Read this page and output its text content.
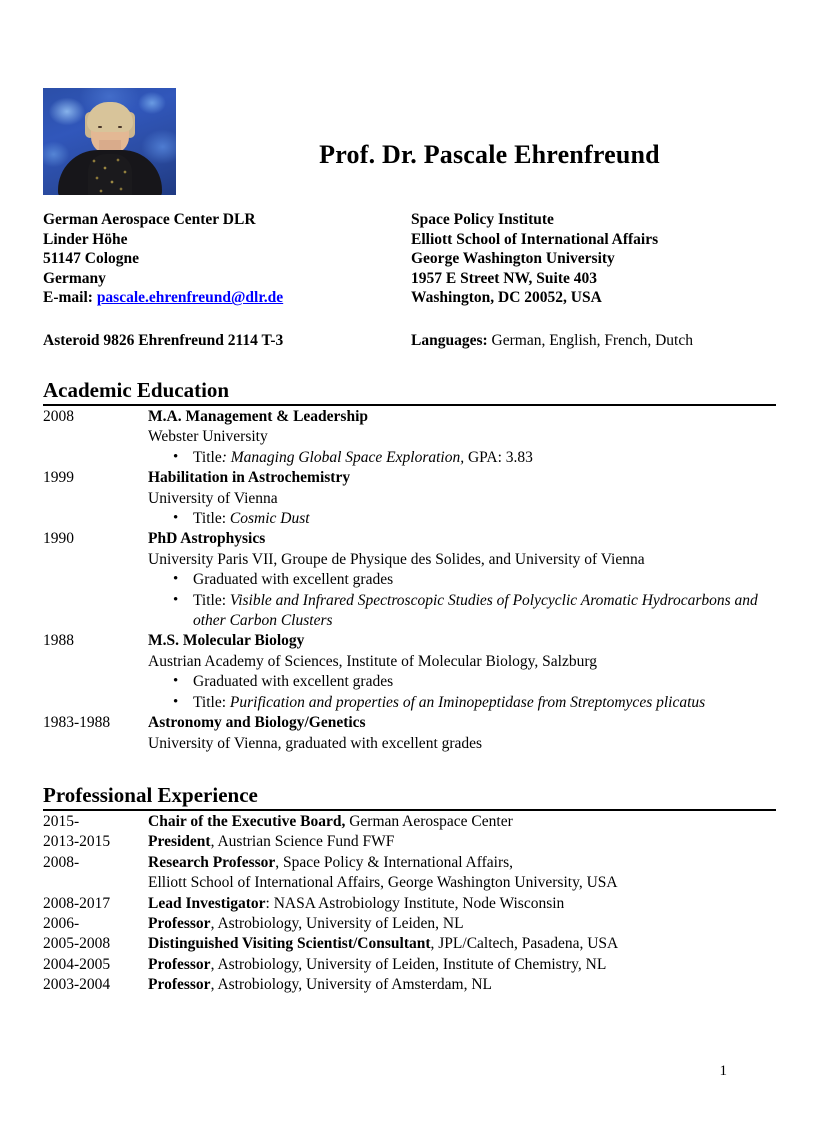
Prof. Dr. Pascale Ehrenfreund
German Aerospace Center DLR
Linder Höhe
51147 Cologne
Germany
E-mail: pascale.ehrenfreund@dlr.de
Space Policy Institute
Elliott School of International Affairs
George Washington University
1957 E Street NW, Suite 403
Washington, DC 20052, USA
Asteroid 9826 Ehrenfreund 2114 T-3	Languages: German, English, French, Dutch
Academic Education
2008	M.A. Management & Leadership
Webster University
• Title: Managing Global Space Exploration, GPA: 3.83
1999	Habilitation in Astrochemistry
University of Vienna
• Title: Cosmic Dust
1990	PhD Astrophysics
University Paris VII, Groupe de Physique des Solides, and University of Vienna
• Graduated with excellent grades
• Title: Visible and Infrared Spectroscopic Studies of Polycyclic Aromatic Hydrocarbons and other Carbon Clusters
1988	M.S. Molecular Biology
Austrian Academy of Sciences, Institute of Molecular Biology, Salzburg
• Graduated with excellent grades
• Title: Purification and properties of an Iminopeptidase from Streptomyces plicatus
1983-1988	Astronomy and Biology/Genetics
University of Vienna, graduated with excellent grades
Professional Experience
2015-	Chair of the Executive Board, German Aerospace Center
2013-2015	President, Austrian Science Fund FWF
2008-	Research Professor, Space Policy & International Affairs,
Elliott School of International Affairs, George Washington University, USA
2008-2017	Lead Investigator: NASA Astrobiology Institute, Node Wisconsin
2006-	Professor, Astrobiology, University of Leiden, NL
2005-2008	Distinguished Visiting Scientist/Consultant, JPL/Caltech, Pasadena, USA
2004-2005	Professor, Astrobiology, University of Leiden, Institute of Chemistry, NL
2003-2004	Professor, Astrobiology, University of Amsterdam, NL
1
